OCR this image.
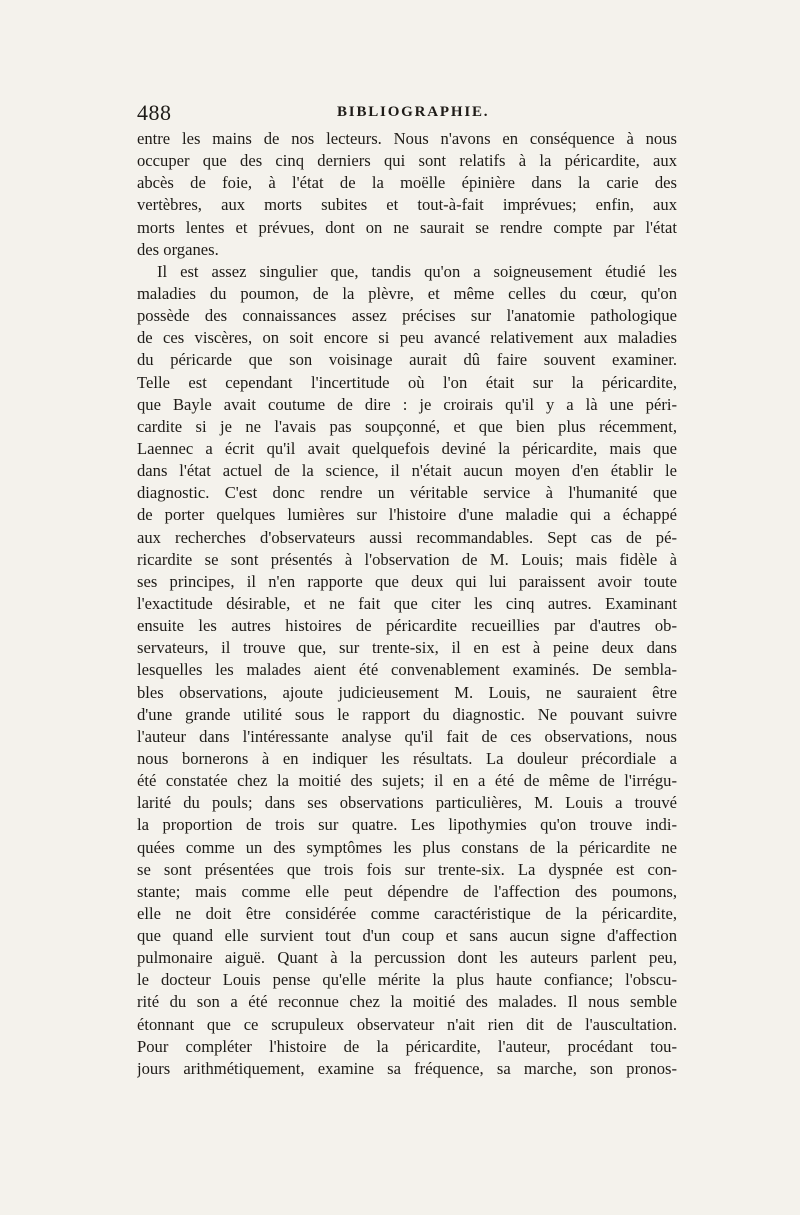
488	BIBLIOGRAPHIE.
entre les mains de nos lecteurs. Nous n'avons en conséquence à nous
occuper que des cinq derniers qui sont relatifs à la péricardite, aux
abcès de foie, à l'état de la moëlle épinière dans la carie des
vertèbres, aux morts subites et tout-à-fait imprévues; enfin, aux
morts lentes et prévues, dont on ne saurait se rendre compte par l'état
des organes.
Il est assez singulier que, tandis qu'on a soigneusement étudié les
maladies du poumon, de la plèvre, et même celles du cœur, qu'on
possède des connaissances assez précises sur l'anatomie pathologique
de ces viscères, on soit encore si peu avancé relativement aux maladies
du péricarde que son voisinage aurait dû faire souvent examiner.
Telle est cependant l'incertitude où l'on était sur la péricardite,
que Bayle avait coutume de dire : je croirais qu'il y a là une péri-
cardite si je ne l'avais pas soupçonné, et que bien plus récemment,
Laennec a écrit qu'il avait quelquefois deviné la péricardite, mais que
dans l'état actuel de la science, il n'était aucun moyen d'en établir le
diagnostic. C'est donc rendre un véritable service à l'humanité que
de porter quelques lumières sur l'histoire d'une maladie qui a échappé
aux recherches d'observateurs aussi recommandables. Sept cas de pé-
ricardite se sont présentés à l'observation de M. Louis; mais fidèle à
ses principes, il n'en rapporte que deux qui lui paraissent avoir toute
l'exactitude désirable, et ne fait que citer les cinq autres. Examinant
ensuite les autres histoires de péricardite recueillies par d'autres ob-
servateurs, il trouve que, sur trente-six, il en est à peine deux dans
lesquelles les malades aient été convenablement examinés. De sembla-
bles observations, ajoute judicieusement M. Louis, ne sauraient être
d'une grande utilité sous le rapport du diagnostic. Ne pouvant suivre
l'auteur dans l'intéressante analyse qu'il fait de ces observations, nous
nous bornerons à en indiquer les résultats. La douleur précordiale a
été constatée chez la moitié des sujets; il en a été de même de l'irrégu-
larité du pouls; dans ses observations particulières, M. Louis a trouvé
la proportion de trois sur quatre. Les lipothymies qu'on trouve indi-
quées comme un des symptômes les plus constans de la péricardite ne
se sont présentées que trois fois sur trente-six. La dyspnée est con-
stante; mais comme elle peut dépendre de l'affection des poumons,
elle ne doit être considérée comme caractéristique de la péricardite,
que quand elle survient tout d'un coup et sans aucun signe d'affection
pulmonaire aiguë. Quant à la percussion dont les auteurs parlent peu,
le docteur Louis pense qu'elle mérite la plus haute confiance; l'obscu-
rité du son a été reconnue chez la moitié des malades. Il nous semble
étonnant que ce scrupuleux observateur n'ait rien dit de l'auscultation.
Pour compléter l'histoire de la péricardite, l'auteur, procédant tou-
jours arithmétiquement, examine sa fréquence, sa marche, son pronos-
